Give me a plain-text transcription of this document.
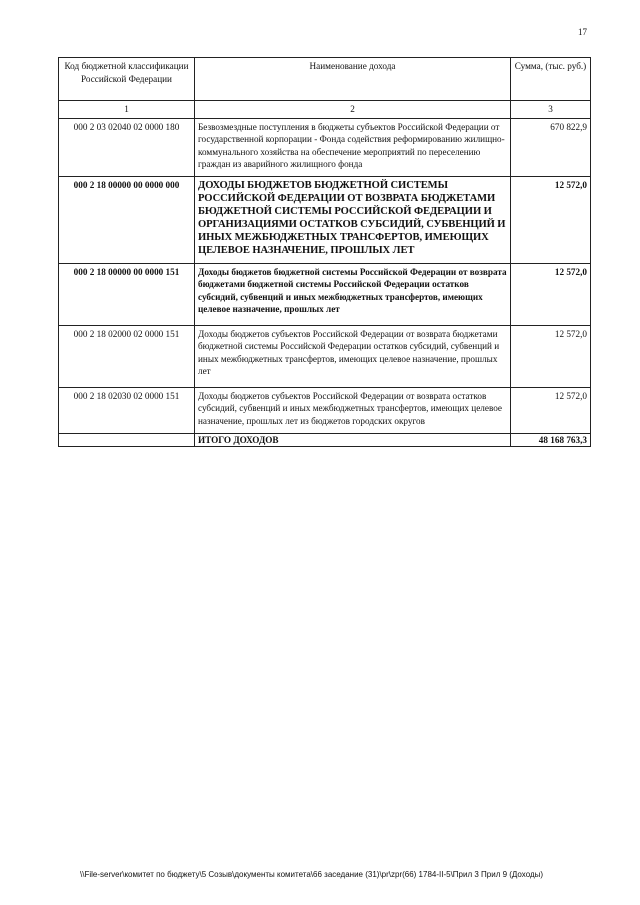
17
Код бюджетной классификации Российской Федерации	Наименование дохода	Сумма, (тыс. руб.)
1	2	3
000 2 03 02040 02 0000 180	Безвозмездные поступления в бюджеты субъектов Российской Федерации от государственной корпорации - Фонда содействия реформированию жилищно-коммунального хозяйства на обеспечение мероприятий по переселению граждан из аварийного жилищного фонда	670 822,9
000 2 18 00000 00 0000 000	ДОХОДЫ БЮДЖЕТОВ БЮДЖЕТНОЙ СИСТЕМЫ РОССИЙСКОЙ ФЕДЕРАЦИИ ОТ ВОЗВРАТА БЮДЖЕТАМИ БЮДЖЕТНОЙ СИСТЕМЫ РОССИЙСКОЙ ФЕДЕРАЦИИ И ОРГАНИЗАЦИЯМИ ОСТАТКОВ СУБСИДИЙ, СУБВЕНЦИЙ И ИНЫХ МЕЖБЮДЖЕТНЫХ ТРАНСФЕРТОВ, ИМЕЮЩИХ ЦЕЛЕВОЕ НАЗНАЧЕНИЕ, ПРОШЛЫХ ЛЕТ	12 572,0
000 2 18 00000 00 0000 151	Доходы бюджетов бюджетной системы Российской Федерации от возврата бюджетами бюджетной системы Российской Федерации остатков субсидий, субвенций и иных межбюджетных трансфертов, имеющих целевое назначение, прошлых лет	12 572,0
000 2 18 02000 02 0000 151	Доходы бюджетов субъектов Российской Федерации от возврата бюджетами бюджетной системы Российской Федерации остатков субсидий, субвенций и иных межбюджетных трансфертов, имеющих целевое назначение, прошлых лет	12 572,0
000 2 18 02030 02 0000 151	Доходы бюджетов субъектов Российской Федерации от возврата остатков субсидий, субвенций и иных межбюджетных трансфертов, имеющих целевое назначение, прошлых лет из бюджетов городских округов	12 572,0
	ИТОГО ДОХОДОВ	48 168 763,3
\\File-server\комитет по бюджету\5 Созыв\документы комитета\66 заседание (31)\pr\zpr(66) 1784-II-5\Прил 3 Прил 9 (Доходы)
